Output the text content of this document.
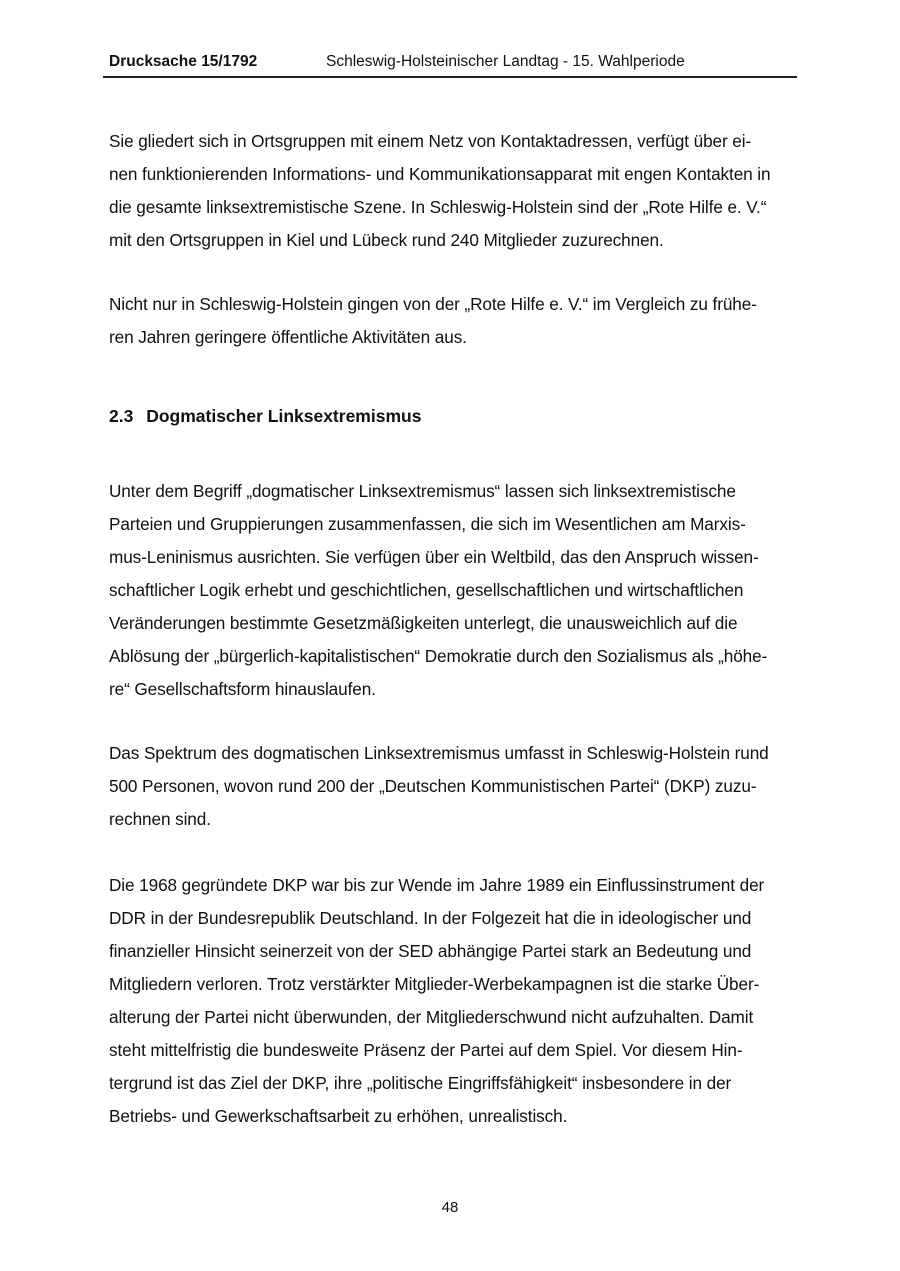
Drucksache 15/1792	Schleswig-Holsteinischer Landtag - 15. Wahlperiode

Sie gliedert sich in Ortsgruppen mit einem Netz von Kontaktadressen, verfügt über ei-
nen funktionierenden Informations- und Kommunikationsapparat mit engen Kontakten in
die gesamte linksextremistische Szene. In Schleswig-Holstein sind der „Rote Hilfe e. V.“
mit den Ortsgruppen in Kiel und Lübeck rund 240 Mitglieder zuzurechnen.

Nicht nur in Schleswig-Holstein gingen von der „Rote Hilfe e. V.“ im Vergleich zu frühe-
ren Jahren geringere öffentliche Aktivitäten aus.

2.3 Dogmatischer Linksextremismus

Unter dem Begriff „dogmatischer Linksextremismus“ lassen sich linksextremistische
Parteien und Gruppierungen zusammenfassen, die sich im Wesentlichen am Marxis-
mus-Leninismus ausrichten. Sie verfügen über ein Weltbild, das den Anspruch wissen-
schaftlicher Logik erhebt und geschichtlichen, gesellschaftlichen und wirtschaftlichen
Veränderungen bestimmte Gesetzmäßigkeiten unterlegt, die unausweichlich auf die
Ablösung der „bürgerlich-kapitalistischen“ Demokratie durch den Sozialismus als „höhe-
re“ Gesellschaftsform hinauslaufen.

Das Spektrum des dogmatischen Linksextremismus umfasst in Schleswig-Holstein rund
500 Personen, wovon rund 200 der „Deutschen Kommunistischen Partei“ (DKP) zuzu-
rechnen sind.

Die 1968 gegründete DKP war bis zur Wende im Jahre 1989 ein Einflussinstrument der
DDR in der Bundesrepublik Deutschland. In der Folgezeit hat die in ideologischer und
finanzieller Hinsicht seinerzeit von der SED abhängige Partei stark an Bedeutung und
Mitgliedern verloren. Trotz verstärkter Mitglieder-Werbekampagnen ist die starke Über-
alterung der Partei nicht überwunden, der Mitgliederschwund nicht aufzuhalten. Damit
steht mittelfristig die bundesweite Präsenz der Partei auf dem Spiel. Vor diesem Hin-
tergrund ist das Ziel der DKP, ihre „politische Eingriffsfähigkeit“ insbesondere in der
Betriebs- und Gewerkschaftsarbeit zu erhöhen, unrealistisch.

48
